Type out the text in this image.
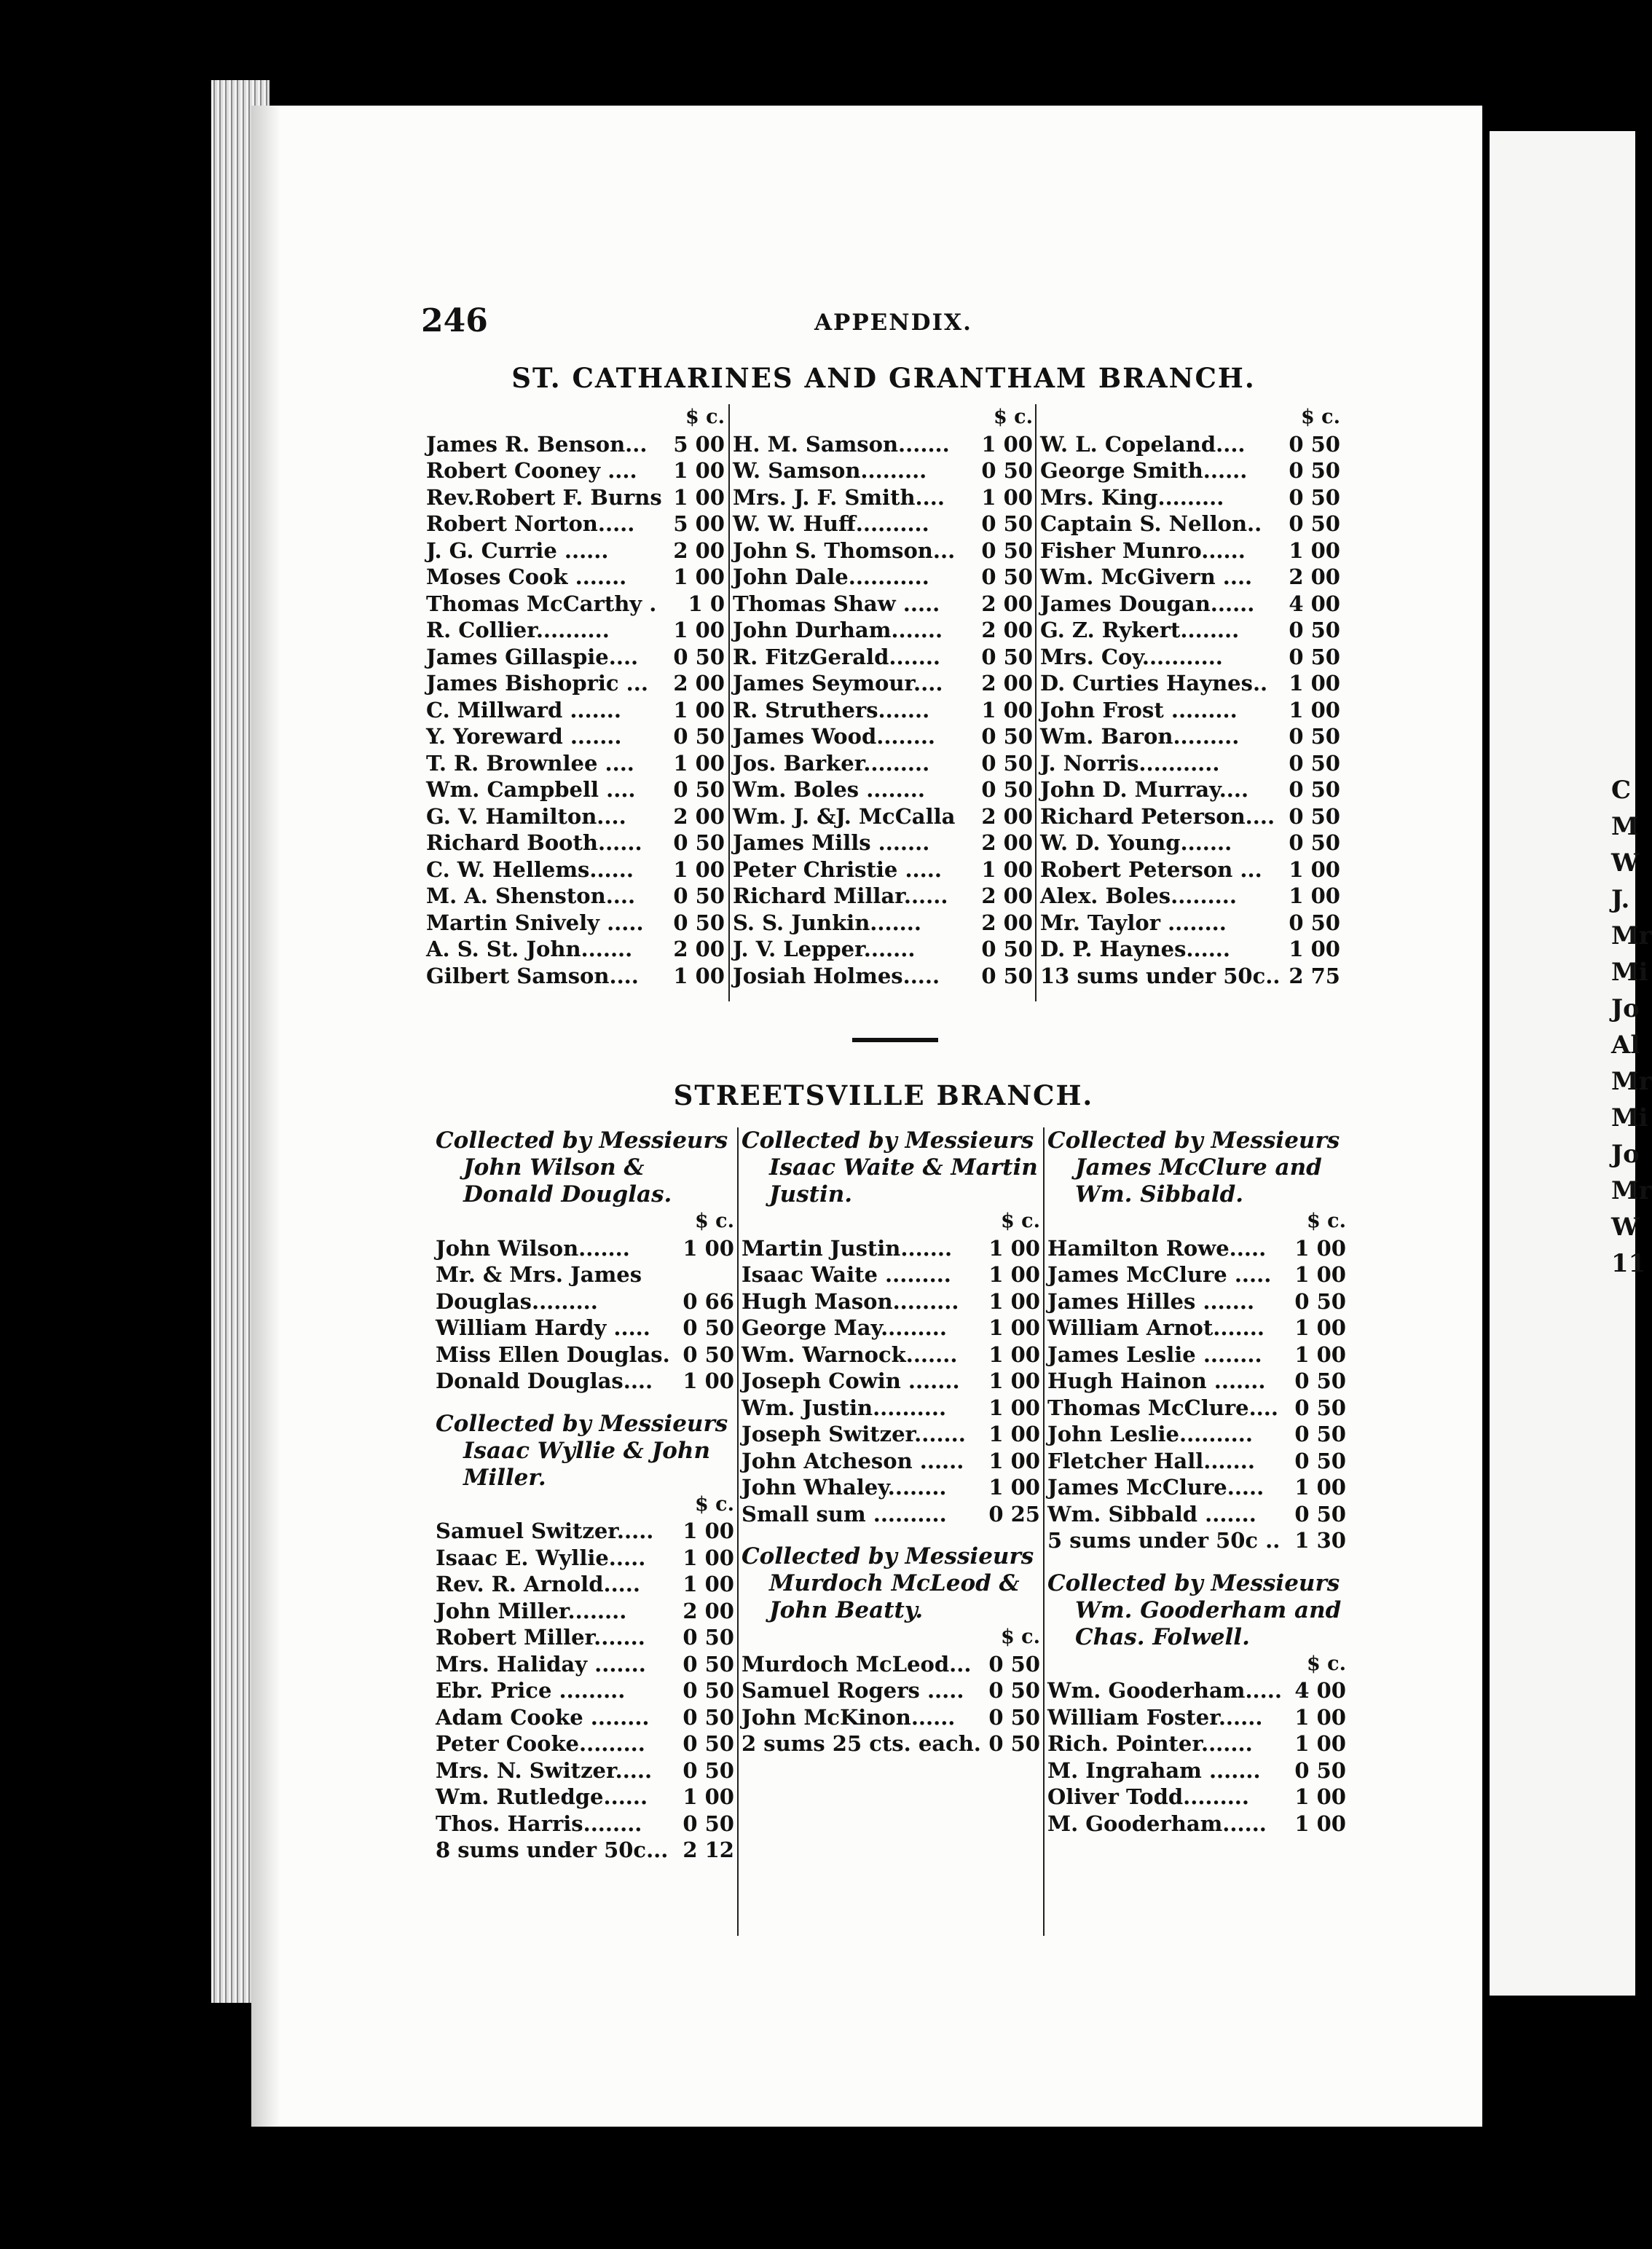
C
M
W
J.
Mr
Mi
Jo
Al
Mr
Mi
Jo
Mr
W
11
246	APPENDIX.
ST. CATHARINES AND GRANTHAM BRANCH.
$ c.
James R. Benson...	5 00
Robert Cooney ....	1 00
Rev.Robert F. Burns 1 00
Robert Norton.....	5 00
J. G. Currie ......	2 00
Moses Cook .......	1 00
Thomas McCarthy .	1 0
R. Collier..........	1 00
James Gillaspie....	0 50
James Bishopric ...	2 00
C. Millward .......	1 00
Y. Yoreward .......	0 50
T. R. Brownlee ....	1 00
Wm. Campbell ....	0 50
G. V. Hamilton....	2 00
Richard Booth......	0 50
C. W. Hellems......	1 00
M. A. Shenston....	0 50
Martin Snively .....	0 50
A. S. St. John.......	2 00
Gilbert Samson....	1 00
$ c.
H. M. Samson.......	1 00
W. Samson.........	0 50
Mrs. J. F. Smith....	1 00
W. W. Huff..........	0 50
John S. Thomson...	0 50
John Dale...........	0 50
Thomas Shaw .....	2 00
John Durham.......	2 00
R. FitzGerald.......	0 50
James Seymour....	2 00
R. Struthers.......	1 00
James Wood........	0 50
Jos. Barker.........	0 50
Wm. Boles ........	0 50
Wm. J. &J. McCalla	2 00
James Mills .......	2 00
Peter Christie .....	1 00
Richard Millar......	2 00
S. S. Junkin.......	2 00
J. V. Lepper.......	0 50
Josiah Holmes.....	0 50
$ c.
W. L. Copeland....	0 50
George Smith......	0 50
Mrs. King.........	0 50
Captain S. Nellon..	0 50
Fisher Munro......	1 00
Wm. McGivern ....	2 00
James Dougan......	4 00
G. Z. Rykert........	0 50
Mrs. Coy...........	0 50
D. Curties Haynes..	1 00
John Frost .........	1 00
Wm. Baron.........	0 50
J. Norris...........	0 50
John D. Murray....	0 50
Richard Peterson.... 0 50
W. D. Young.......	0 50
Robert Peterson ...	1 00
Alex. Boles.........	1 00
Mr. Taylor ........	0 50
D. P. Haynes......	1 00
13 sums under 50c.. 2 75
STREETSVILLE BRANCH.
Collected by Messieurs John Wilson & Donald Douglas.
$ c.
John Wilson.......	1 00
Mr. & Mrs. James
Douglas.........	0 66
William Hardy .....	0 50
Miss Ellen Douglas. 0 50
Donald Douglas....	1 00
Collected by Messieurs Isaac Wyllie & John Miller.
$ c.
Samuel Switzer.....	1 00
Isaac E. Wyllie.....	1 00
Rev. R. Arnold.....	1 00
John Miller........	2 00
Robert Miller.......	0 50
Mrs. Haliday .......	0 50
Ebr. Price .........	0 50
Adam Cooke ........	0 50
Peter Cooke.........	0 50
Mrs. N. Switzer.....	0 50
Wm. Rutledge......	1 00
Thos. Harris........	0 50
8 sums under 50c... 2 12
Collected by Messieurs Isaac Waite & Martin Justin.
$ c.
Martin Justin.......	1 00
Isaac Waite .........	1 00
Hugh Mason.........	1 00
George May.........	1 00
Wm. Warnock.......	1 00
Joseph Cowin .......	1 00
Wm. Justin..........	1 00
Joseph Switzer.......	1 00
John Atcheson ......	1 00
John Whaley........	1 00
Small sum ..........	0 25
Collected by Messieurs Murdoch McLeod & John Beatty.
$ c.
Murdoch McLeod... 0 50
Samuel Rogers .....	0 50
John McKinon......	0 50
2 sums 25 cts. each. 0 50
Collected by Messieurs James McClure and Wm. Sibbald.
$ c.
Hamilton Rowe.....	1 00
James McClure .....	1 00
James Hilles .......	0 50
William Arnot.......	1 00
James Leslie ........	1 00
Hugh Hainon .......	0 50
Thomas McClure.... 0 50
John Leslie..........	0 50
Fletcher Hall.......	0 50
James McClure.....	1 00
Wm. Sibbald .......	0 50
5 sums under 50c .. 1 30
Collected by Messieurs Wm. Gooderham and Chas. Folwell.
$ c.
Wm. Gooderham..... 4 00
William Foster......	1 00
Rich. Pointer.......	1 00
M. Ingraham .......	0 50
Oliver Todd.........	1 00
M. Gooderham......	1 00
